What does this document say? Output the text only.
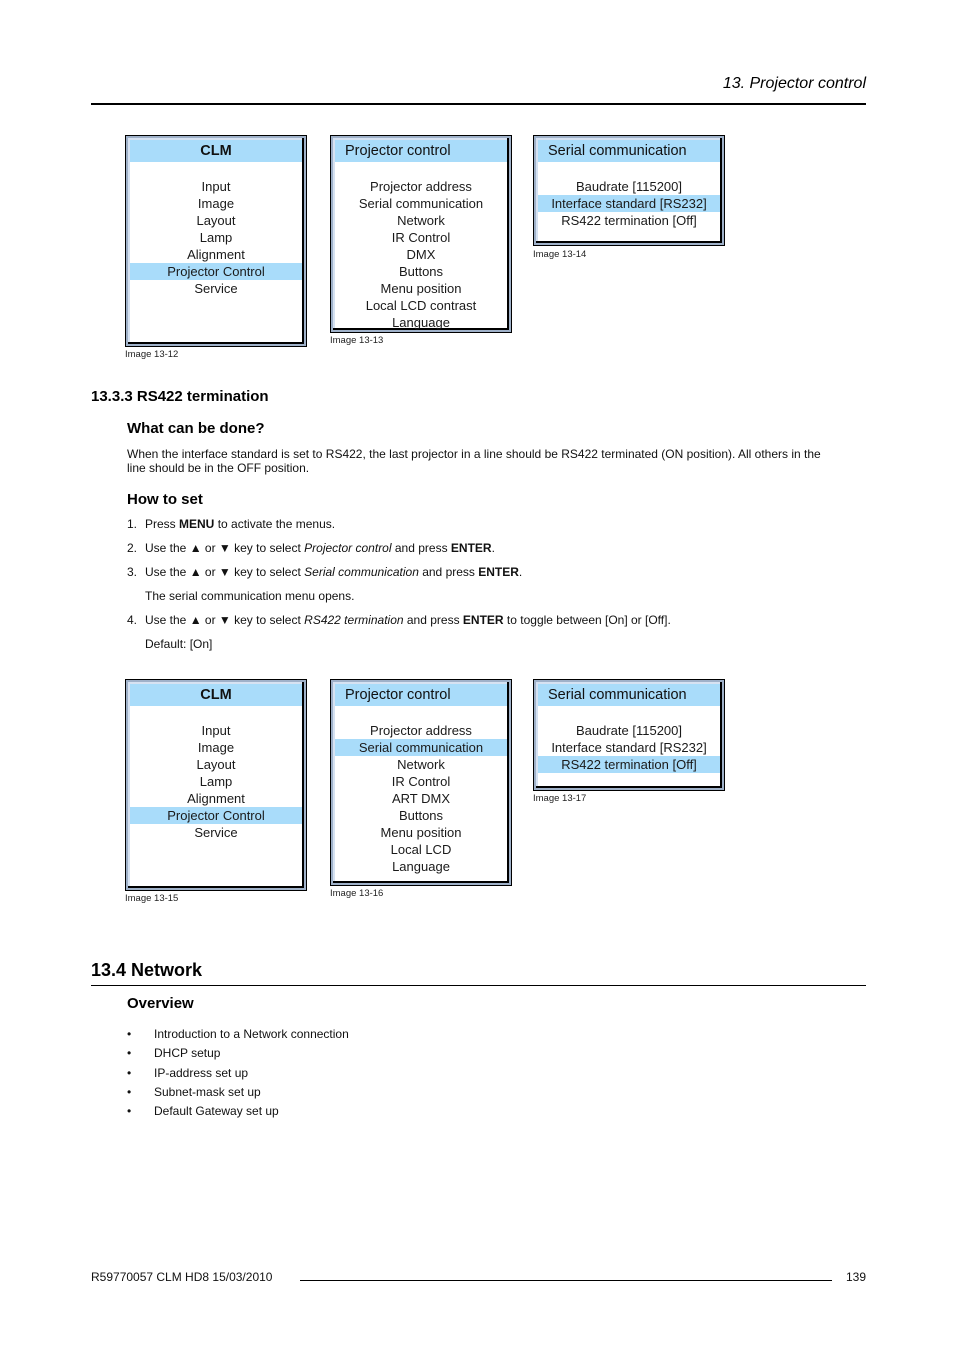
13. Projector control
CLM
Input
Image
Layout
Lamp
Alignment
Projector Control
Service
Image 13-12
Projector control
Projector address
Serial communication
Network
IR Control
DMX
Buttons
Menu position
Local LCD contrast
Language
Image 13-13
Serial communication
Baudrate [115200]
Interface standard [RS232]
RS422 termination [Off]
Image 13-14
13.3.3 RS422 termination
What can be done?
When the interface standard is set to RS422, the last projector in a line should be RS422 terminated (ON position). All others in the
line should be in the OFF position.
How to set
1. Press MENU to activate the menus.
2. Use the ▲ or ▼ key to select Projector control and press ENTER.
3. Use the ▲ or ▼ key to select Serial communication and press ENTER.
The serial communication menu opens.
4. Use the ▲ or ▼ key to select RS422 termination and press ENTER to toggle between [On] or [Off].
Default: [On]
CLM
Input
Image
Layout
Lamp
Alignment
Projector Control
Service
Image 13-15
Projector control
Projector address
Serial communication
Network
IR Control
ART DMX
Buttons
Menu position
Local LCD
Language
Image 13-16
Serial communication
Baudrate [115200]
Interface standard [RS232]
RS422 termination [Off]
Image 13-17
13.4 Network
Overview
• Introduction to a Network connection
• DHCP setup
• IP-address set up
• Subnet-mask set up
• Default Gateway set up
R59770057 CLM HD8 15/03/2010	139
